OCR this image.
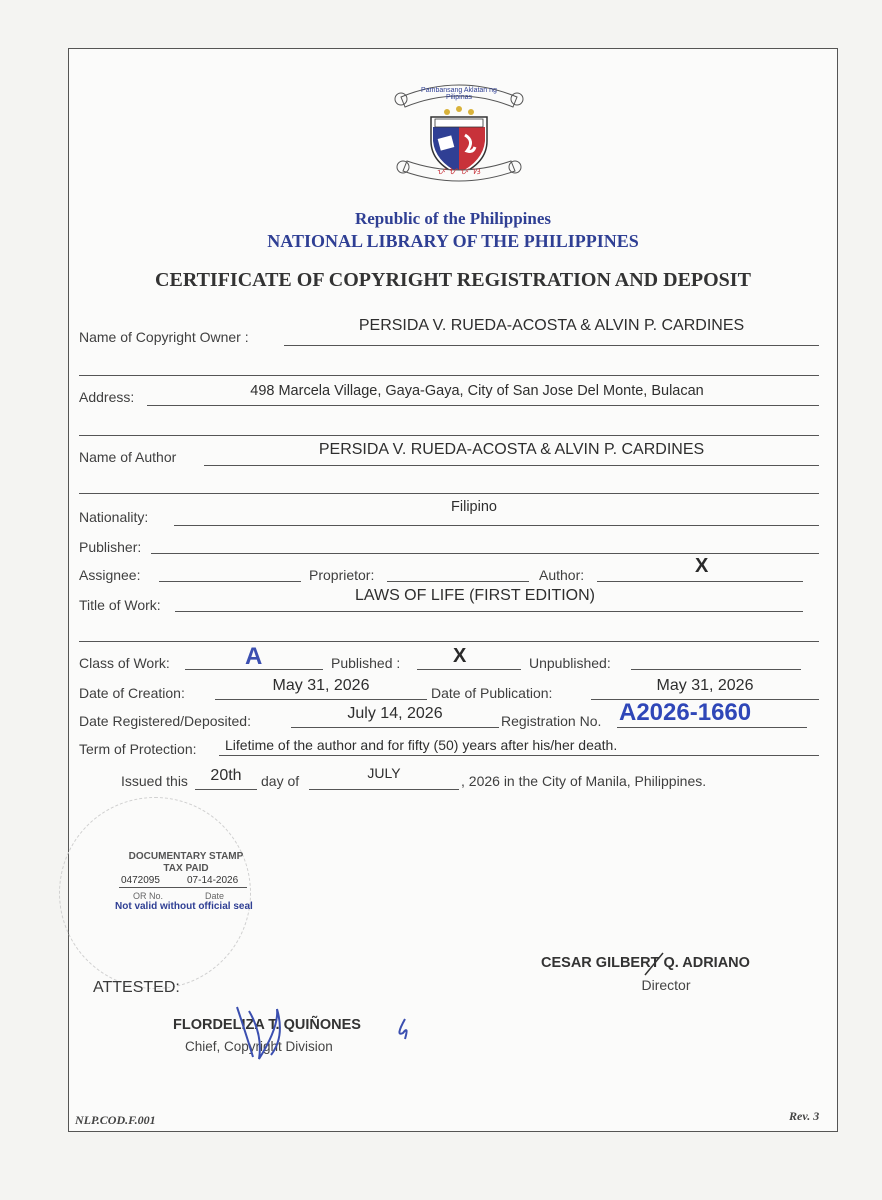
ᜉ ᜀ ᜉ ᜐ
Pambansang Aklatan ng Pilipinas
Republic of the Philippines
NATIONAL LIBRARY OF THE PHILIPPINES
CERTIFICATE OF COPYRIGHT REGISTRATION AND DEPOSIT
Name of Copyright Owner :
PERSIDA V. RUEDA-ACOSTA & ALVIN P. CARDINES
Address:	498 Marcela Village, Gaya-Gaya, City of San Jose Del Monte, Bulacan
Name of Author	PERSIDA V. RUEDA-ACOSTA & ALVIN P. CARDINES
Nationality:
Filipino
Publisher:
Assignee:	Proprietor:	Author:	X
Title of Work:
LAWS OF LIFE (FIRST EDITION)
Class of Work:	A	Published :	X	Unpublished:
Date of Creation:	May 31, 2026	Date of Publication:	May 31, 2026
Date Registered/Deposited:	July 14, 2026	Registration No. A2026-1660
Term of Protection: Lifetime of the author and for fifty (50) years after his/her death.
Issued this	20th	day of	JULY	, 2026 in the City of Manila, Philippines.
DOCUMENTARY STAMP
TAX PAID
0472095	07-14-2026
OR No.	Date
Not valid without official seal
CESAR GILBERT Q. ADRIANO
Director
ATTESTED:
FLORDELIZA T. QUIÑONES
Chief, Copyright Division
NLP.COD.F.001	Rev. 3
